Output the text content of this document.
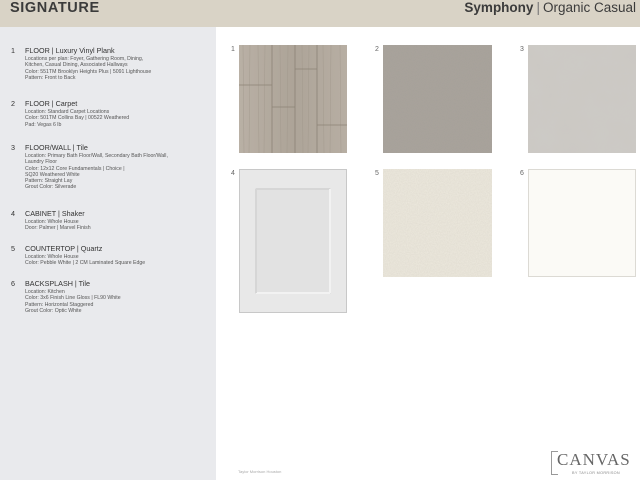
SIGNATURE	Symphony | Organic Casual
1 FLOOR | Luxury Vinyl Plank
Locations per plan: Foyer, Gathering Room, Dining,
Kitchen, Casual Dining, Associated Hallways
Color: 551TM Brooklyn Heights Plus | 5091 Lighthouse
Pattern: Front to Back
2 FLOOR | Carpet
Location: Standard Carpet Locations
Color: 501TM Collins Bay | 00522 Weathered
Pad: Vegas 6 lb
3 FLOOR/WALL | Tile
Location: Primary Bath Floor/Wall, Secondary Bath Floor/Wall,
Laundry Floor
Color: 12x12 Core Fundamentals | Choice |
SQ20 Weathered White
Pattern: Straight Lay
Grout Color: Silverade
4 CABINET | Shaker
Location: Whole House
Door: Palmer | Marvel Finish
5 COUNTERTOP | Quartz
Location: Whole House
Color: Pebble White | 2 CM Laminated Square Edge
6 BACKSPLASH | Tile
Location: Kitchen
Color: 3x6 Finish Line Gloss | FL90 White
Pattern: Horizontal Staggered
Grout Color: Optic White
1	2	3
4	5	6
Taylor Morrison Houston
CANVAS
BY TAYLOR MORRISON
